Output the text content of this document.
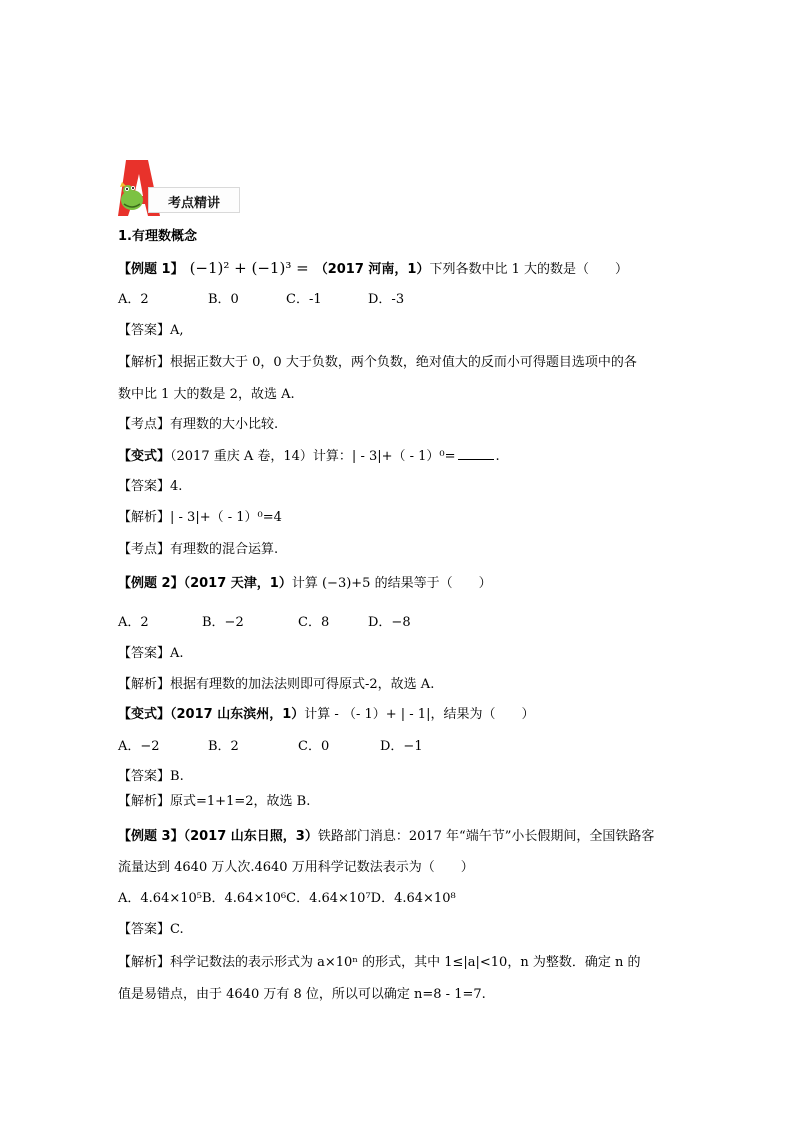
考点精讲
1.有理数概念
【例题 1】 (−1)² + (−1)³ = （2017 河南，1）下列各数中比 1 大的数是（　　）
A．2	B．0	C．-1	D．-3
【答案】A,
【解析】根据正数大于 0，0 大于负数，两个负数，绝对值大的反而小可得题目选项中的各
数中比 1 大的数是 2，故选 A.
【考点】有理数的大小比较.
【变式】（2017 重庆 A 卷，14）计算：| - 3|+（ - 1）⁰=	.
【答案】4.
【解析】| - 3|+（ - 1）⁰=4
【考点】有理数的混合运算.
【例题 2】（2017 天津，1）计算 (−3)+5 的结果等于（　　）
A．2	B．−2	C．8	D．−8
【答案】A.
【解析】根据有理数的加法法则即可得原式-2，故选 A.
【变式】（2017 山东滨州，1）计算 - （- 1）+ | - 1|，结果为（　　）
A．−2	B．2	C．0	D．−1
【答案】B.
【解析】原式=1+1=2，故选 B.
【例题 3】（2017 山东日照，3）铁路部门消息：2017 年“端午节”小长假期间，全国铁路客
流量达到 4640 万人次.4640 万用科学记数法表示为（　　）
A．4.64×10⁵B．4.64×10⁶C．4.64×10⁷D．4.64×10⁸
【答案】C.
【解析】科学记数法的表示形式为 a×10ⁿ 的形式，其中 1≤|a|<10，n 为整数．确定 n 的
值是易错点，由于 4640 万有 8 位，所以可以确定 n=8 - 1=7.
